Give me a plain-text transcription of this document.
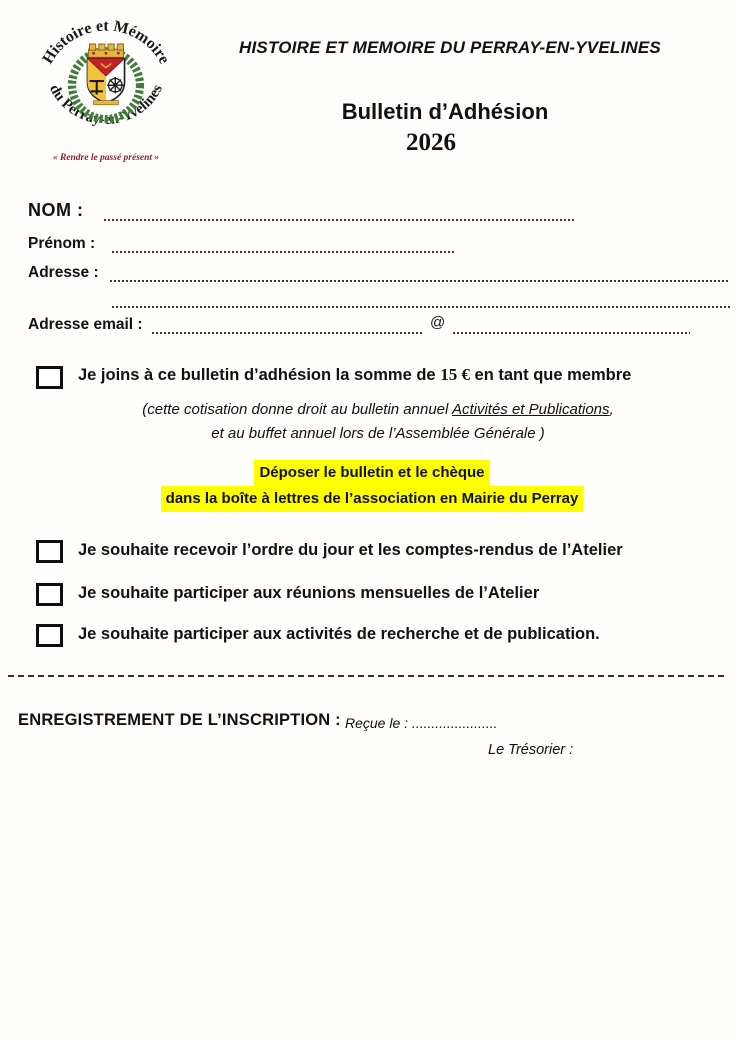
Histoire et Mémoire
du Perray-en-Yvelines
« Rendre le passé présent »
HISTOIRE ET MEMOIRE DU PERRAY-EN-YVELINES
Bulletin d’Adhésion
2026
NOM :
Prénom :
Adresse :
Adresse email :	@
Je joins à ce bulletin d’adhésion la somme de 15 € en tant que membre
(cette cotisation donne droit au bulletin annuel Activités et Publications,
et au buffet annuel lors de l’Assemblée Générale )
Déposer le bulletin et le chèque
dans la boîte à lettres de l’association en Mairie du Perray
Je souhaite recevoir l’ordre du jour et les comptes-rendus de l’Atelier
Je souhaite participer aux réunions mensuelles de l’Atelier
Je souhaite participer aux activités de recherche et de publication.
ENREGISTREMENT DE L’INSCRIPTION : Reçue le : ......................
Le Trésorier :
